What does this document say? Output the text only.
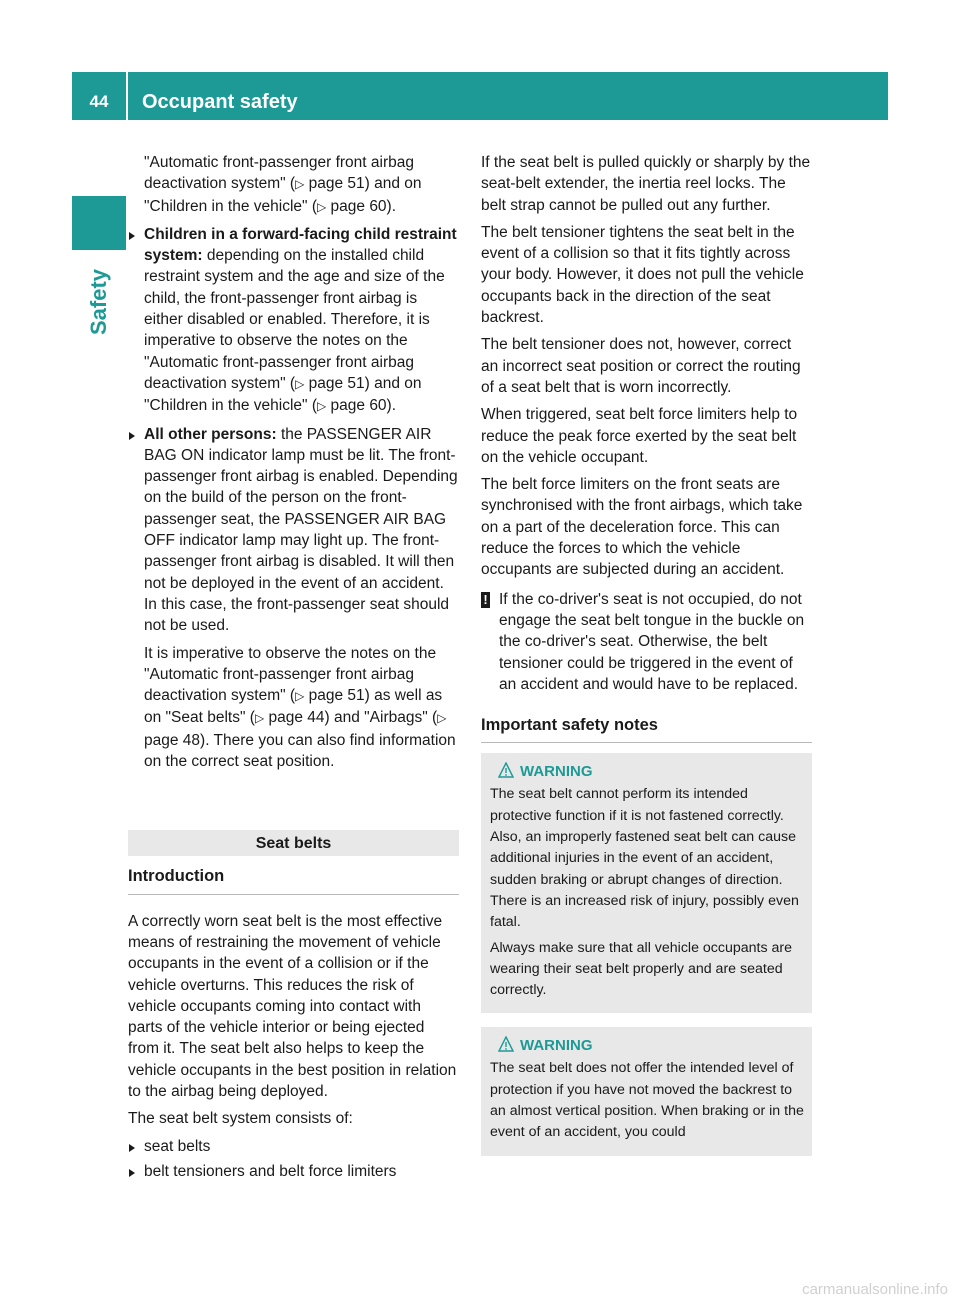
44	Occupant safety
Safety

"Automatic front-passenger front airbag deactivation system" (▷ page 51) and on "Children in the vehicle" (▷ page 60).

Children in a forward-facing child restraint system: depending on the installed child restraint system and the age and size of the child, the front-passenger front airbag is either disabled or enabled. Therefore, it is imperative to observe the notes on the "Automatic front-passenger front airbag deactivation system" (▷ page 51) and on "Children in the vehicle" (▷ page 60).

All other persons: the PASSENGER AIR BAG ON indicator lamp must be lit. The front-passenger front airbag is enabled. Depending on the build of the person on the front-passenger seat, the PASSENGER AIR BAG OFF indicator lamp may light up. The front-passenger front airbag is disabled. It will then not be deployed in the event of an accident. In this case, the front-passenger seat should not be used.

It is imperative to observe the notes on the "Automatic front-passenger front airbag deactivation system" (▷ page 51) as well as on "Seat belts" (▷ page 44) and "Airbags" (▷ page 48). There you can also find information on the correct seat position.

Seat belts
Introduction

A correctly worn seat belt is the most effective means of restraining the movement of vehicle occupants in the event of a collision or if the vehicle overturns. This reduces the risk of vehicle occupants coming into contact with parts of the vehicle interior or being ejected from it. The seat belt also helps to keep the vehicle occupants in the best position in relation to the airbag being deployed.

The seat belt system consists of:

seat belts

belt tensioners and belt force limiters

If the seat belt is pulled quickly or sharply by the seat-belt extender, the inertia reel locks. The belt strap cannot be pulled out any further.

The belt tensioner tightens the seat belt in the event of a collision so that it fits tightly across your body. However, it does not pull the vehicle occupants back in the direction of the seat backrest.

The belt tensioner does not, however, correct an incorrect seat position or correct the routing of a seat belt that is worn incorrectly.

When triggered, seat belt force limiters help to reduce the peak force exerted by the seat belt on the vehicle occupant.

The belt force limiters on the front seats are synchronised with the front airbags, which take on a part of the deceleration force. This can reduce the forces to which the vehicle occupants are subjected during an accident.

! If the co-driver's seat is not occupied, do not engage the seat belt tongue in the buckle on the co-driver's seat. Otherwise, the belt tensioner could be triggered in the event of an accident and would have to be replaced.

Important safety notes
WARNING

The seat belt cannot perform its intended protective function if it is not fastened correctly. Also, an improperly fastened seat belt can cause additional injuries in the event of an accident, sudden braking or abrupt changes of direction. There is an increased risk of injury, possibly even fatal.

Always make sure that all vehicle occupants are wearing their seat belt properly and are seated correctly.

WARNING

The seat belt does not offer the intended level of protection if you have not moved the backrest to an almost vertical position. When braking or in the event of an accident, you could

carmanualsonline.info
